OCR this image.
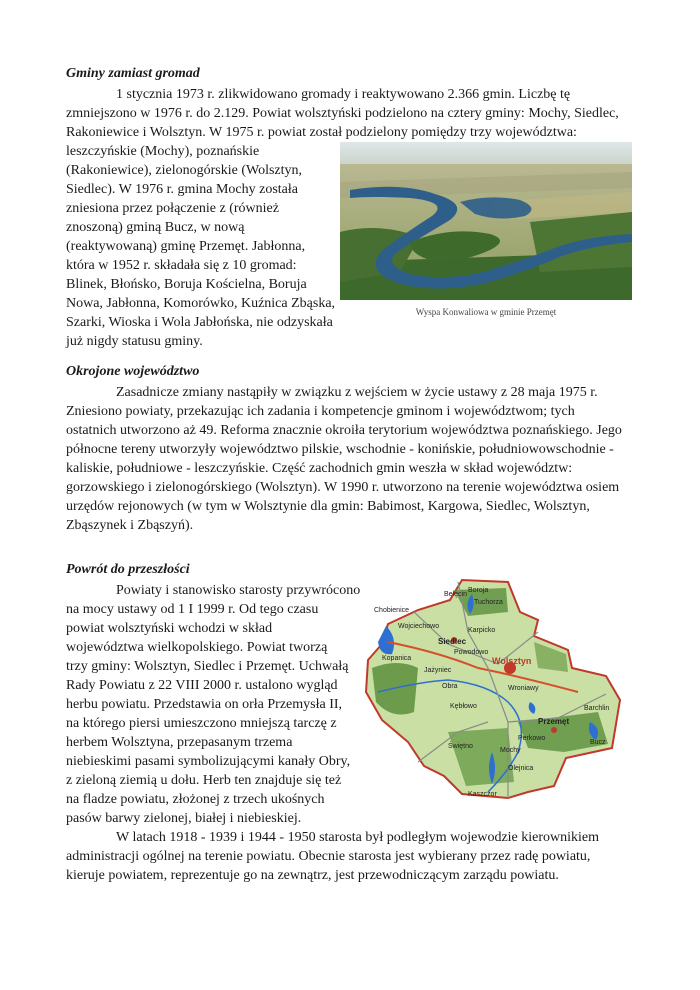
Gminy zamiast gromad
1 stycznia 1973 r. zlikwidowano gromady i reaktywowano 2.366 gmin. Liczbę tę
zmniejszono w 1976 r. do 2.129. Powiat wolsztyński podzielono na cztery gminy: Mochy, Siedlec,
Rakoniewice i Wolsztyn. W 1975 r. powiat został podzielony pomiędzy trzy województwa:
leszczyńskie (Mochy), poznańskie
(Rakoniewice), zielonogórskie (Wolsztyn,
Siedlec). W 1976 r. gmina Mochy została
zniesiona przez połączenie z (również
znoszoną) gminą Bucz, w nową
(reaktywowaną) gminę Przemęt. Jabłonna,
która w 1952 r. składała się z 10 gromad:
Blinek, Błońsko, Boruja Kościelna, Boruja
Nowa, Jabłonna, Komorówko, Kuźnica Zbąska,
Szarki, Wioska i Wola Jabłońska, nie odzyskała
już nigdy statusu gminy.
Wyspa Konwaliowa w gminie Przemęt
Okrojone województwo
Zasadnicze zmiany nastąpiły w związku z wejściem w życie ustawy z 28 maja 1975 r.
Zniesiono powiaty, przekazując ich zadania i kompetencje gminom i województwom; tych
ostatnich utworzono aż 49. Reforma znacznie okroiła terytorium województwa poznańskiego. Jego
północne tereny utworzyły województwo pilskie, wschodnie - konińskie, południowowschodnie -
kaliskie, południowe - leszczyńskie. Część zachodnich gmin weszła w skład województw:
gorzowskiego i zielonogórskiego (Wolsztyn). W 1990 r. utworzono na terenie województwa osiem
urzędów rejonowych (w tym w Wolsztynie dla gmin: Babimost, Kargowa, Siedlec, Wolsztyn,
Zbąszynek i Zbąszyń).
Powrót do przeszłości
Powiaty i stanowisko starosty przywrócono
na mocy ustawy od 1 I 1999 r. Od tego czasu
powiat wolsztyński wchodzi w skład
województwa wielkopolskiego. Powiat tworzą
trzy gminy: Wolsztyn, Siedlec i Przemęt. Uchwałą
Rady Powiatu z 22 VIII 2000 r. ustalono wygląd
herbu powiatu. Przedstawia on orła Przemysła II,
na którego piersi umieszczono mniejszą tarczę z
herbem Wolsztyna, przepasanym trzema
niebieskimi pasami symbolizującymi kanały Obry,
z zieloną ziemią u dołu. Herb ten znajduje się też
na fladze powiatu, złożonej z trzech ukośnych
pasów barwy zielonej, białej i niebieskiej.
W latach 1918 - 1939 i 1944 - 1950 starosta był podległym wojewodzie kierownikiem
administracji ogólnej na terenie powiatu. Obecnie starosta jest wybierany przez radę powiatu,
kieruje powiatem, reprezentuje go na zewnątrz, jest przewodniczącym zarządu powiatu.
Belęcin
Boroja
Tuchorza
Chobienice
Wojciechowo
Karpicko
Siedlec
Powodowo
Kopanica
Jażyniec
Wolsztyn
Wroniawy
Obra
Kębłowo
Przemęt
Barchlin
Świętno
Mochy
Perkowo
Bucz
Olejnica
Kaszczor
